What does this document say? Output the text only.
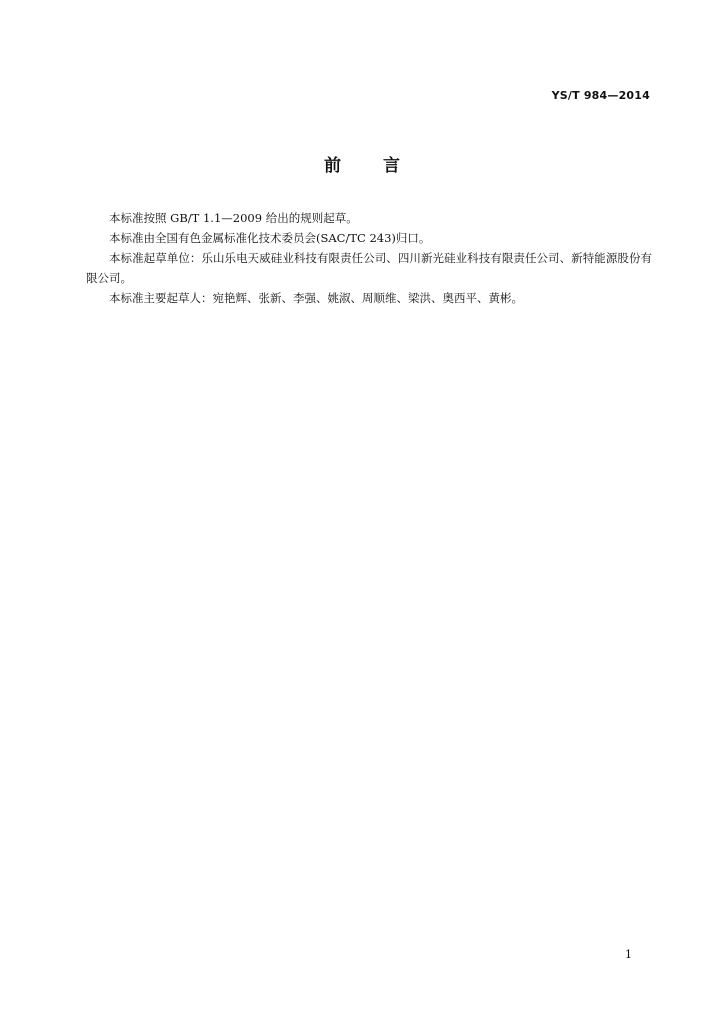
YS/T 984—2014
前 言

本标准按照 GB/T 1.1—2009 给出的规则起草。

本标准由全国有色金属标准化技术委员会(SAC/TC 243)归口。

本标准起草单位：乐山乐电天威硅业科技有限责任公司、四川新光硅业科技有限责任公司、新特能源股份有限公司。

本标准主要起草人：宛艳辉、张新、李强、姚淑、周顺维、梁洪、奥西平、黄彬。

1
